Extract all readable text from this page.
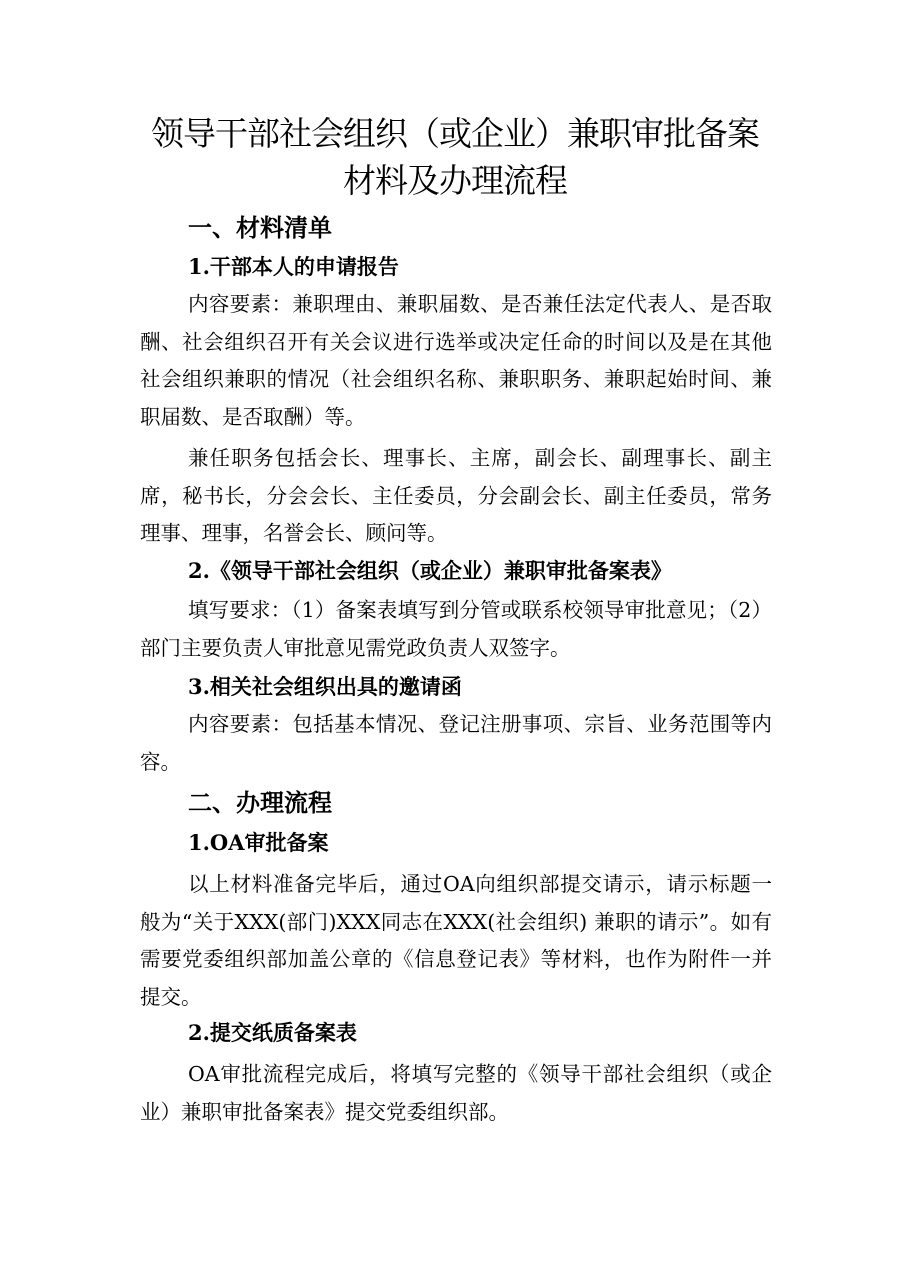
领导干部社会组织（或企业）兼职审批备案
材料及办理流程
一、材料清单
1.干部本人的申请报告

内容要素：兼职理由、兼职届数、是否兼任法定代表人、是否取酬、社会组织召开有关会议进行选举或决定任命的时间以及是在其他社会组织兼职的情况（社会组织名称、兼职职务、兼职起始时间、兼职届数、是否取酬）等。

兼任职务包括会长、理事长、主席，副会长、副理事长、副主席，秘书长，分会会长、主任委员，分会副会长、副主任委员，常务理事、理事，名誉会长、顾问等。

2.《领导干部社会组织（或企业）兼职审批备案表》

填写要求：（1）备案表填写到分管或联系校领导审批意见；（2）部门主要负责人审批意见需党政负责人双签字。

3.相关社会组织出具的邀请函

内容要素：包括基本情况、登记注册事项、宗旨、业务范围等内容。

二、办理流程
1.OA审批备案

以上材料准备完毕后，通过OA向组织部提交请示，请示标题一般为“关于XXX(部门)XXX同志在XXX(社会组织) 兼职的请示”。如有需要党委组织部加盖公章的《信息登记表》等材料，也作为附件一并提交。

2.提交纸质备案表

OA审批流程完成后，将填写完整的《领导干部社会组织（或企业）兼职审批备案表》提交党委组织部。
